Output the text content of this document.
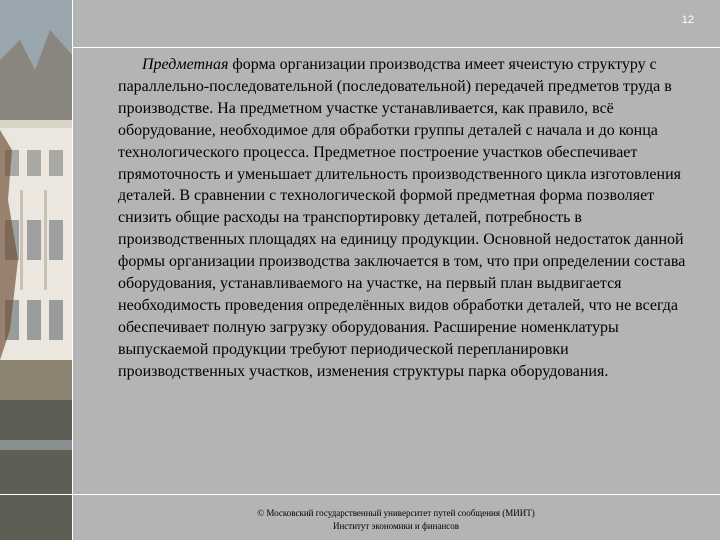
12

Предметная форма организации производства имеет ячеистую структуру с параллельно-последовательной (последовательной) передачей предметов труда в производстве. На предметном участке устанавливается, как правило, всё оборудование, необходимое для обработки группы деталей с начала и до конца технологического процесса. Предметное построение участков обеспечивает прямоточность и уменьшает длительность производственного цикла изготовления деталей. В сравнении с технологической формой предметная форма позволяет снизить общие расходы на транспортировку деталей, потребность в производственных площадях на единицу продукции. Основной недостаток данной формы организации производства заключается в том, что при определении состава оборудования, устанавливаемого на участке, на первый план выдвигается необходимость проведения определённых видов обработки деталей, что не всегда обеспечивает полную загрузку оборудования. Расширение номенклатуры выпускаемой продукции требуют периодической перепланировки производственных участков, изменения структуры парка оборудования.

© Московский государственный университет путей сообщения (МИИТ)
Институт экономики и финансов
